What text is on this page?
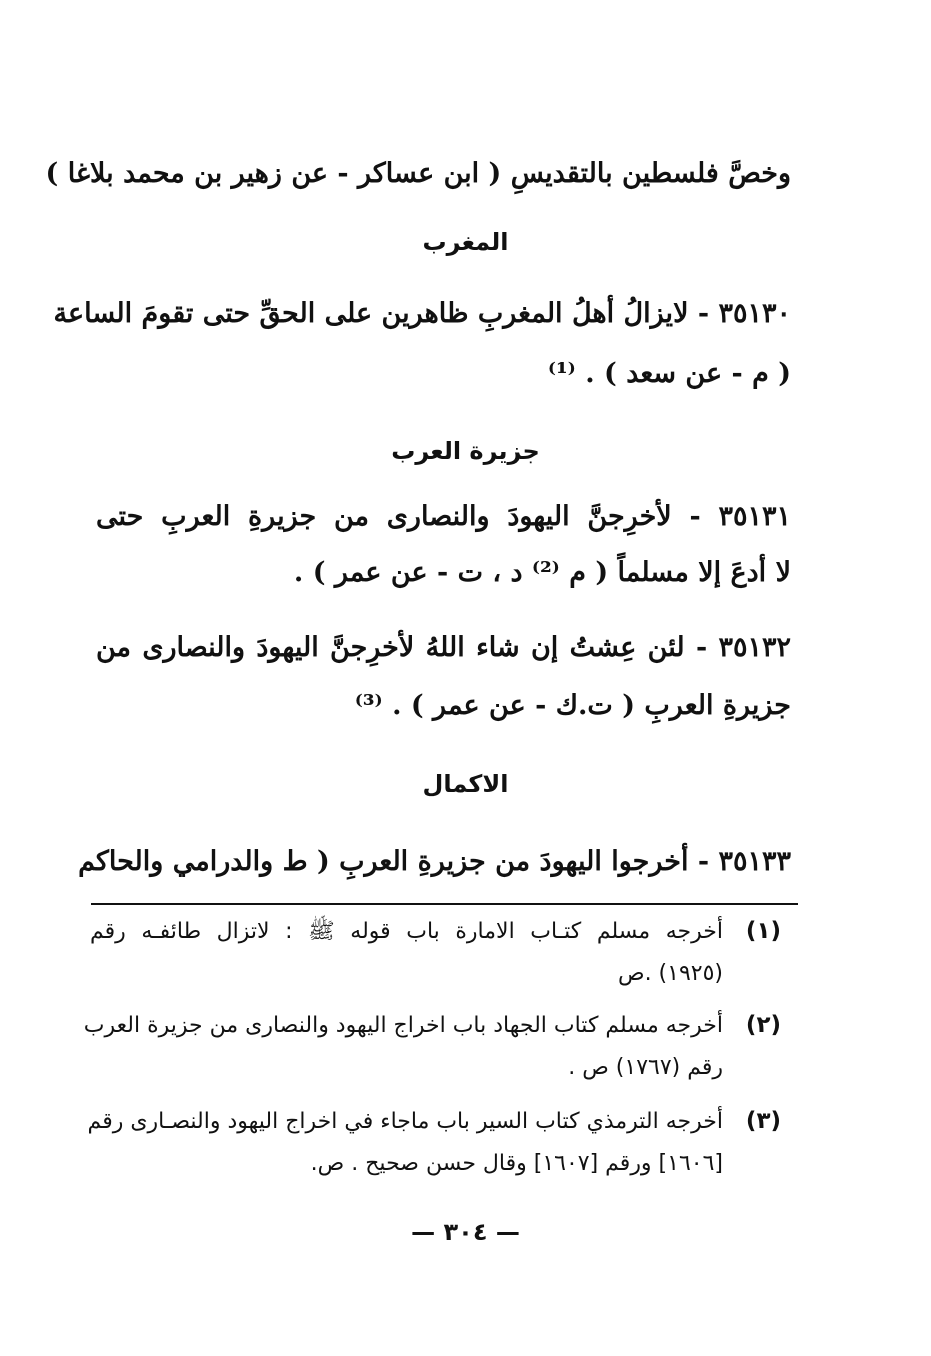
وخصَّ فلسطين بالتقديسِ ( ابن عساكر - عن زهير بن محمد بلاغا )
المغرب
٣٥١٣٠ - لايزالُ أهلُ المغربِ ظاهرين على الحقِّ حتى تقومَ الساعة
( م - عن سعد ) . ⁽¹⁾
جزيرة العرب
٣٥١٣١ - لأخرِجنَّ اليهودَ والنصارى من جزيرةِ العربِ حتى
لا أدعَ إلا مسلماً ( م ⁽²⁾ د ، ت - عن عمر ) .
٣٥١٣٢ - لئن عِشتُ إن شاء اللهُ لأخرِجنَّ اليهودَ والنصارى من
جزيرةِ العربِ ( ت.ك - عن عمر ) . ⁽³⁾
الاكمال
٣٥١٣٣ - أخرجوا اليهودَ من جزيرةِ العربِ ( ط والدرامي والحاكم
(١)
أخرجه مسلم كتـاب الامارة باب قوله ﷺ : لاتزال طائفـه رقم
(١٩٢٥) .ص
(٢)
أخرجه مسلم كتاب الجهاد باب اخراج اليهود والنصارى من جزيرة العرب
رقم (١٧٦٧) ص .
(٣)
أخرجه الترمذي كتاب السير باب ماجاء في اخراج اليهود والنصـارى رقم
[١٦٠٦] ورقم [١٦٠٧] وقال حسن صحيح . ص.
— ٣٠٤ —
